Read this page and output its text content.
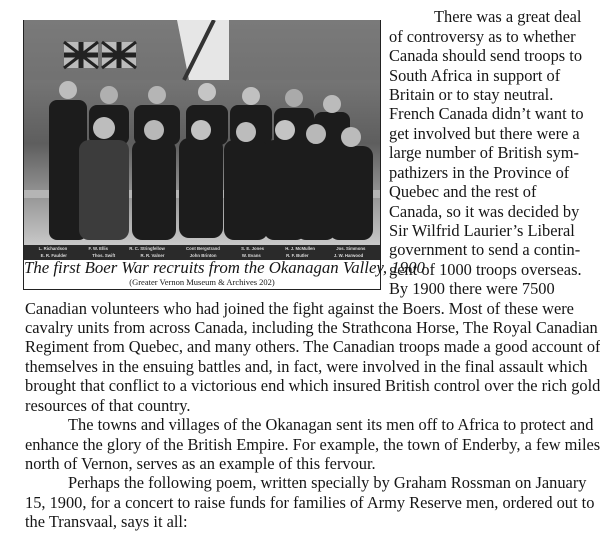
L. Richardson	F. W. Ellis	R. C. Stringfellow	Cont Bergstrand	S. E. Jones	H. J. McMullen	Jos. Simmons
E. R. Faulder	Thos. Swift	R. R. Valner	John Brinton	W. Evans	R. F. Butler	J. W. Harwood
The first Boer War recruits from the Okanagan Valley, 1900
(Greater Vernon Museum & Archives 202)
There was a great deal
of controversy as to whether
Canada should send troops to
South Africa in support of
Britain or to stay neutral.
French Canada didn’t want to
get involved but there were a
large number of British sym-
pathizers in the Province of
Quebec and the rest of
Canada, so it was decided by
Sir Wilfrid Laurier’s Liberal
government to send a contin-
gent of 1000 troops overseas.
By 1900 there were 7500
Canadian volunteers who had joined the fight against the Boers. Most of these were
cavalry units from across Canada, including the Strathcona Horse, The Royal Canadian
Regiment from Quebec, and many others. The Canadian troops made a good account of
themselves in the ensuing battles and, in fact, were involved in the final assault which
brought that conflict to a victorious end which insured British control over the rich gold
resources of that country.
The towns and villages of the Okanagan sent its men off to Africa to protect and
enhance the glory of the British Empire. For example, the town of Enderby, a few miles
north of Vernon, serves as an example of this fervour.
Perhaps the following poem, written specially by Graham Rossman on January
15, 1900, for a concert to raise funds for families of Army Reserve men, ordered out to
the Transvaal, says it all:
